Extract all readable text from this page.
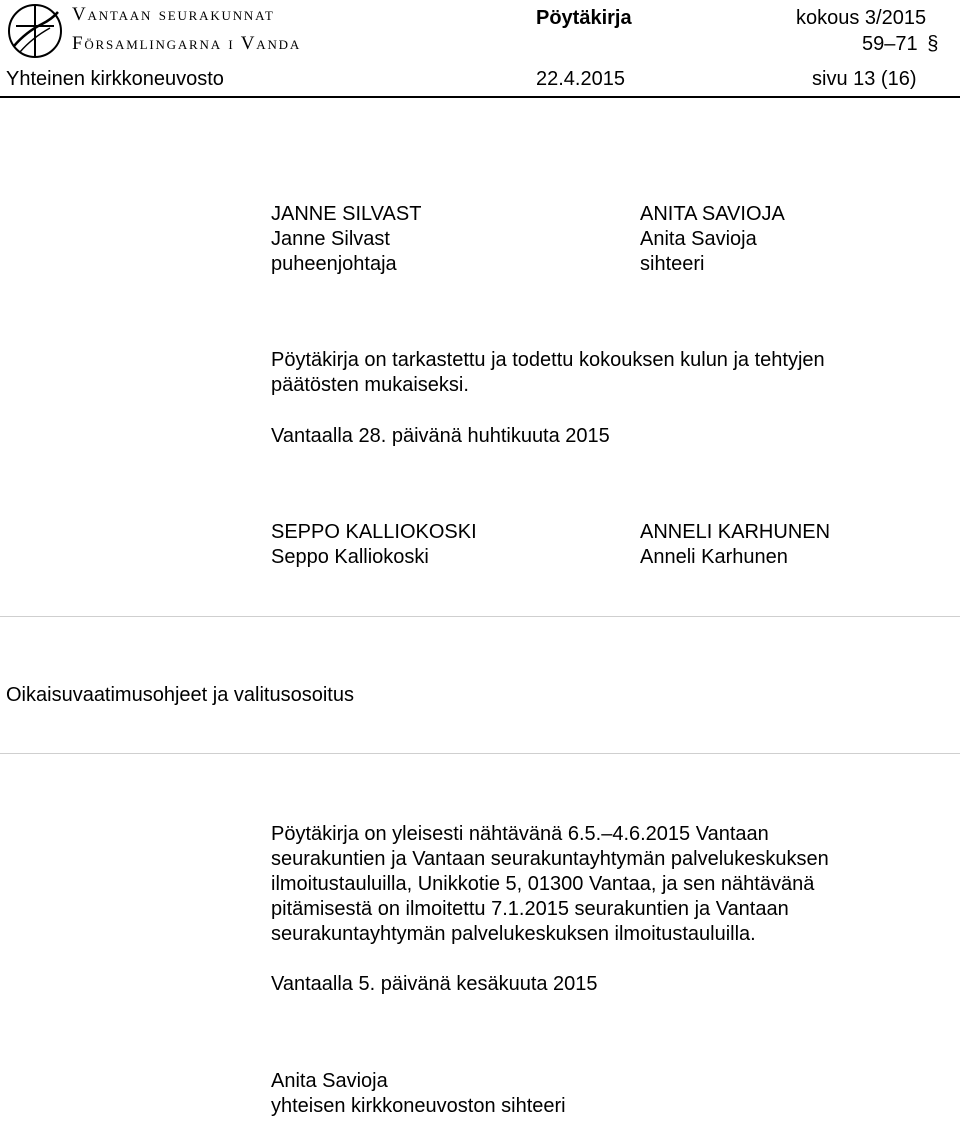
Vantaan seurakunnat
Församlingarna i Vanda
Pöytäkirja	kokous 3/2015
59–71 §
Yhteinen kirkkoneuvosto	22.4.2015	sivu 13 (16)
JANNE SILVAST
Janne Silvast
puheenjohtaja
ANITA SAVIOJA
Anita Savioja
sihteeri
Pöytäkirja on tarkastettu ja todettu kokouksen kulun ja tehtyjen
päätösten mukaiseksi.
Vantaalla 28. päivänä huhtikuuta 2015
SEPPO KALLIOKOSKI
Seppo Kalliokoski
ANNELI KARHUNEN
Anneli Karhunen
Oikaisuvaatimusohjeet ja valitusosoitus
Pöytäkirja on yleisesti nähtävänä 6.5.–4.6.2015 Vantaan
seurakuntien ja Vantaan seurakuntayhtymän palvelukeskuksen
ilmoitustauluilla, Unikkotie 5, 01300 Vantaa, ja sen nähtävänä
pitämisestä on ilmoitettu 7.1.2015 seurakuntien ja Vantaan
seurakuntayhtymän palvelukeskuksen ilmoitustauluilla.
Vantaalla 5. päivänä kesäkuuta 2015
Anita Savioja
yhteisen kirkkoneuvoston sihteeri
